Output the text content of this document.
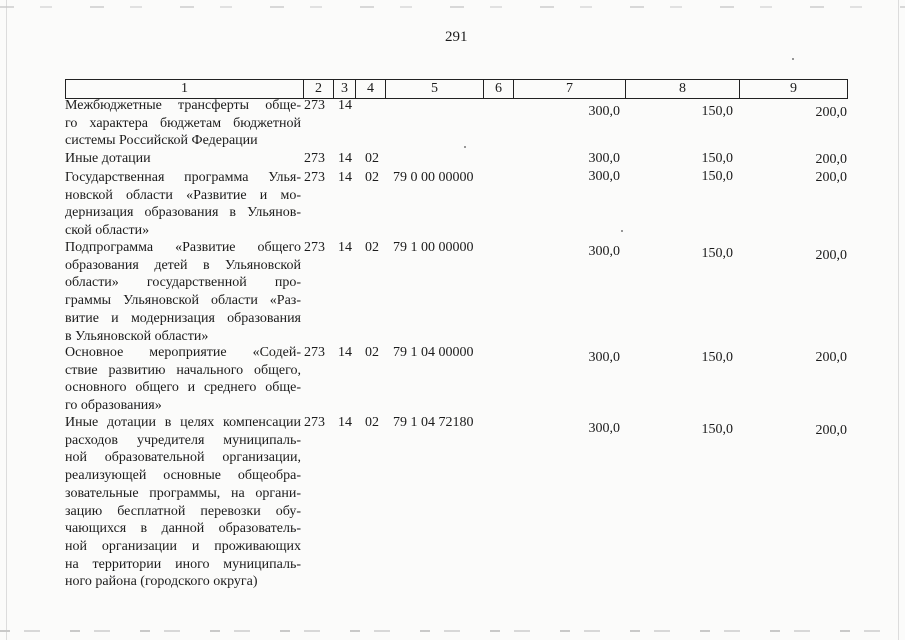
291
1	2	3	4	5	6	7	8	9
Межбюджетные трансферты обще-
го характера бюджетам бюджетной
системы Российской Федерации
273 14	300,0	150,0	200,0
Иные дотации	273 14 02	300,0	150,0	200,0
Государственная программа Улья-
новской области «Развитие и мо-
дернизация образования в Ульянов-
ской области»
273 14 02 79 0 00 00000	300,0	150,0	200,0
Подпрограмма «Развитие общего
образования детей в Ульяновской
области» государственной про-
граммы Ульяновской области «Раз-
витие и модернизация образования
в Ульяновской области»
273 14 02 79 1 00 00000	300,0	150,0	200,0
Основное мероприятие «Содей-
ствие развитию начального общего,
основного общего и среднего обще-
го образования»
273 14 02 79 1 04 00000	300,0	150,0	200,0
Иные дотации в целях компенсации
расходов учредителя муниципаль-
ной образовательной организации,
реализующей основные общеобра-
зовательные программы, на органи-
зацию бесплатной перевозки обу-
чающихся в данной образователь-
ной организации и проживающих
на территории иного муниципаль-
ного района (городского округа)
273 14 02 79 1 04 72180	300,0	150,0	200,0
